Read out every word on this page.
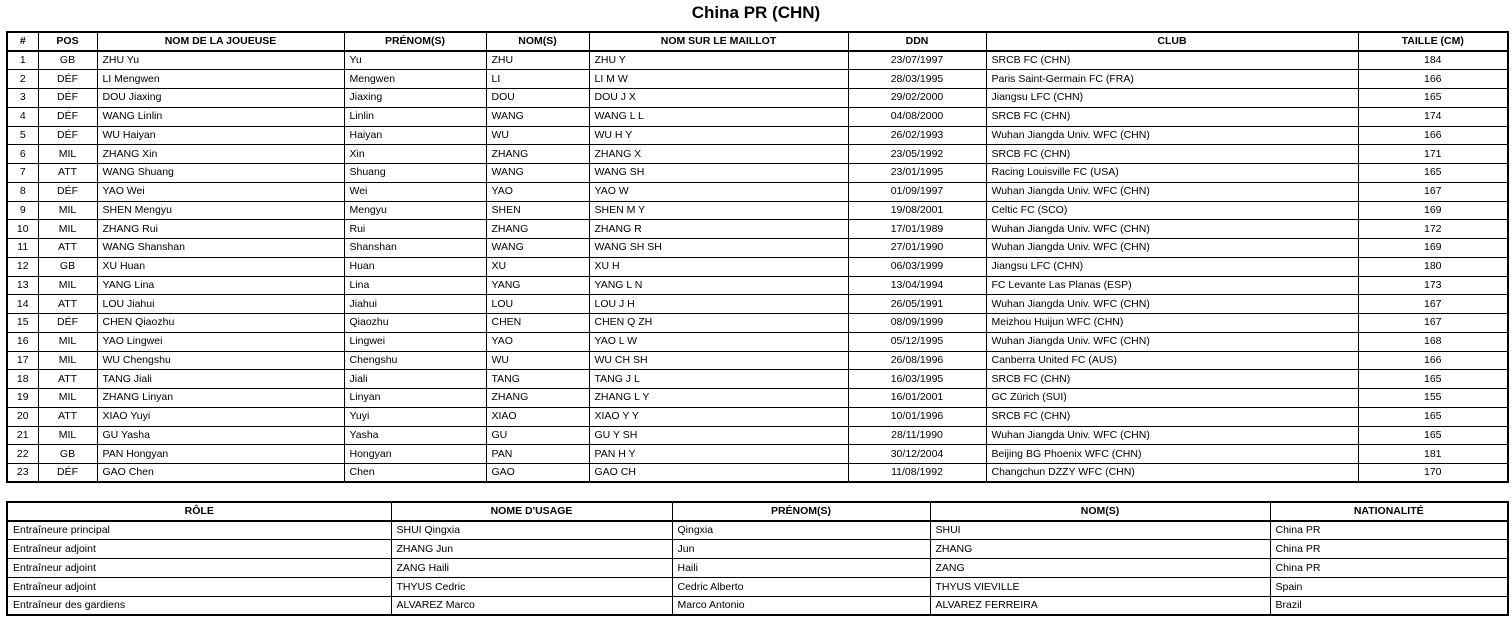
China PR (CHN)
#	POS	NOM DE LA JOUEUSE	PRÉNOM(S)	NOM(S)	NOM SUR LE MAILLOT	DDN	CLUB	TAILLE (CM)
1	GB	ZHU Yu	Yu	ZHU	ZHU Y	23/07/1997	SRCB FC (CHN)	184
2	DÉF	LI Mengwen	Mengwen	LI	LI M W	28/03/1995	Paris Saint-Germain FC (FRA)	166
3	DÉF	DOU Jiaxing	Jiaxing	DOU	DOU J X	29/02/2000	Jiangsu LFC (CHN)	165
4	DÉF	WANG Linlin	Linlin	WANG	WANG L L	04/08/2000	SRCB FC (CHN)	174
5	DÉF	WU Haiyan	Haiyan	WU	WU H Y	26/02/1993	Wuhan Jiangda Univ. WFC (CHN)	166
6	MIL	ZHANG Xin	Xin	ZHANG	ZHANG X	23/05/1992	SRCB FC (CHN)	171
7	ATT	WANG Shuang	Shuang	WANG	WANG SH	23/01/1995	Racing Louisville FC (USA)	165
8	DÉF	YAO Wei	Wei	YAO	YAO W	01/09/1997	Wuhan Jiangda Univ. WFC (CHN)	167
9	MIL	SHEN Mengyu	Mengyu	SHEN	SHEN M Y	19/08/2001	Celtic FC (SCO)	169
10	MIL	ZHANG Rui	Rui	ZHANG	ZHANG R	17/01/1989	Wuhan Jiangda Univ. WFC (CHN)	172
11	ATT	WANG Shanshan	Shanshan	WANG	WANG SH SH	27/01/1990	Wuhan Jiangda Univ. WFC (CHN)	169
12	GB	XU Huan	Huan	XU	XU H	06/03/1999	Jiangsu LFC (CHN)	180
13	MIL	YANG Lina	Lina	YANG	YANG L N	13/04/1994	FC Levante Las Planas (ESP)	173
14	ATT	LOU Jiahui	Jiahui	LOU	LOU J H	26/05/1991	Wuhan Jiangda Univ. WFC (CHN)	167
15	DÉF	CHEN Qiaozhu	Qiaozhu	CHEN	CHEN Q ZH	08/09/1999	Meizhou Huijun WFC (CHN)	167
16	MIL	YAO Lingwei	Lingwei	YAO	YAO L W	05/12/1995	Wuhan Jiangda Univ. WFC (CHN)	168
17	MIL	WU Chengshu	Chengshu	WU	WU CH SH	26/08/1996	Canberra United FC (AUS)	166
18	ATT	TANG Jiali	Jiali	TANG	TANG J L	16/03/1995	SRCB FC (CHN)	165
19	MIL	ZHANG Linyan	Linyan	ZHANG	ZHANG L Y	16/01/2001	GC Zürich (SUI)	155
20	ATT	XIAO Yuyi	Yuyi	XIAO	XIAO Y Y	10/01/1996	SRCB FC (CHN)	165
21	MIL	GU Yasha	Yasha	GU	GU Y SH	28/11/1990	Wuhan Jiangda Univ. WFC (CHN)	165
22	GB	PAN Hongyan	Hongyan	PAN	PAN H Y	30/12/2004	Beijing BG Phoenix WFC (CHN)	181
23	DÉF	GAO Chen	Chen	GAO	GAO CH	11/08/1992	Changchun DZZY WFC (CHN)	170
RÔLE	NOME D'USAGE	PRÉNOM(S)	NOM(S)	NATIONALITÉ
Entraîneure principal	SHUI Qingxia	Qingxia	SHUI	China PR
Entraîneur adjoint	ZHANG Jun	Jun	ZHANG	China PR
Entraîneur adjoint	ZANG Haili	Haili	ZANG	China PR
Entraîneur adjoint	THYUS Cedric	Cedric Alberto	THYUS VIEVILLE	Spain
Entraîneur des gardiens	ALVAREZ Marco	Marco Antonio	ALVAREZ FERREIRA	Brazil
